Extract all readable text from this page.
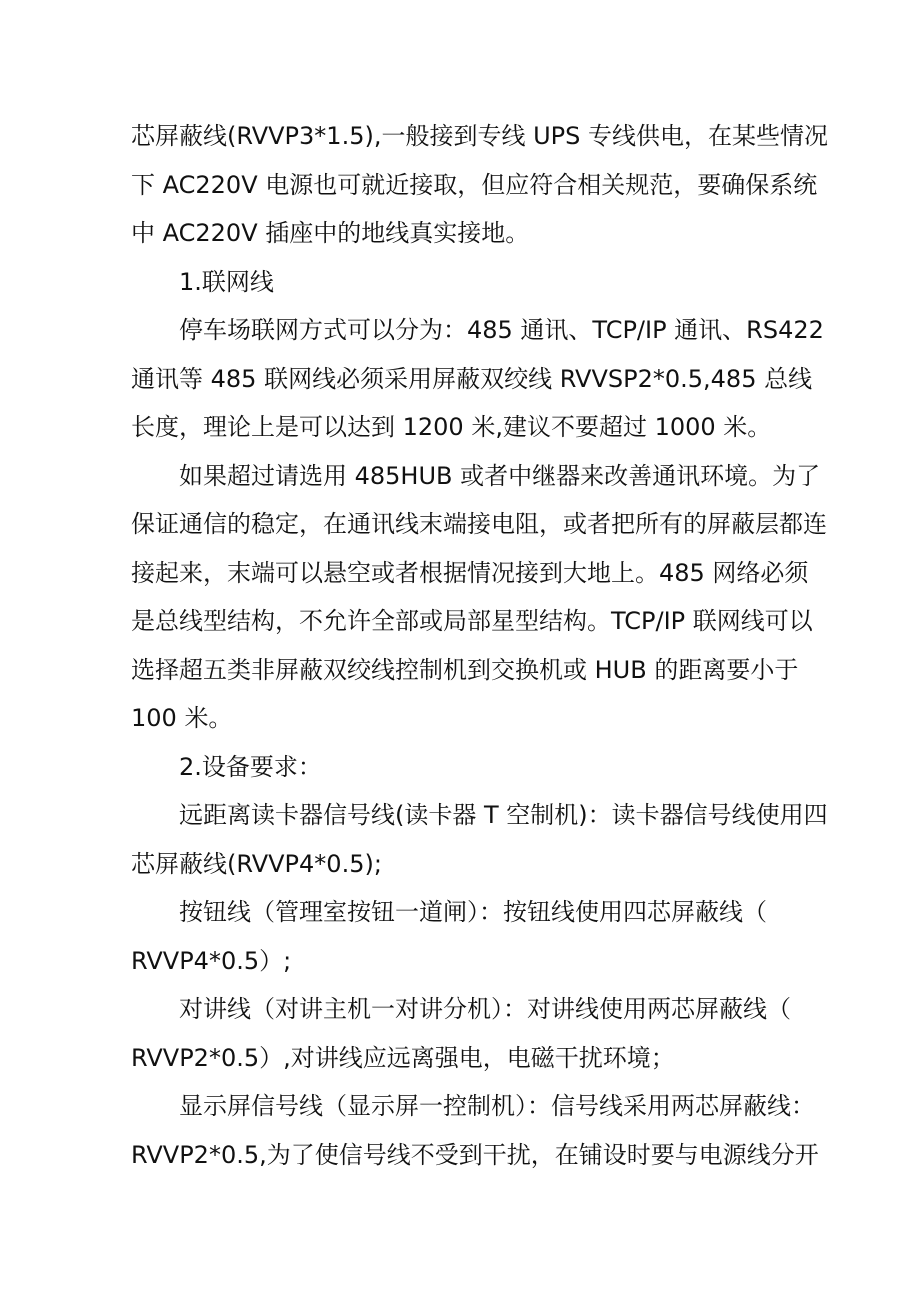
芯屏蔽线(RVVP3*1.5),一般接到专线 UPS 专线供电，在某些情况
下 AC220V 电源也可就近接取，但应符合相关规范，要确保系统
中 AC220V 插座中的地线真实接地。
1.联网线
停车场联网方式可以分为：485 通讯、TCP/IP 通讯、RS422
通讯等 485 联网线必须采用屏蔽双绞线 RVVSP2*0.5,485 总线
长度，理论上是可以达到 1200 米,建议不要超过 1000 米。
如果超过请选用 485HUB 或者中继器来改善通讯环境。为了
保证通信的稳定，在通讯线末端接电阻，或者把所有的屏蔽层都连
接起来，末端可以悬空或者根据情况接到大地上。485 网络必须
是总线型结构，不允许全部或局部星型结构。TCP/IP 联网线可以
选择超五类非屏蔽双绞线控制机到交换机或 HUB 的距离要小于
100 米。
2.设备要求：
远距离读卡器信号线(读卡器 T 空制机)：读卡器信号线使用四
芯屏蔽线(RVVP4*0.5);
按钮线（管理室按钮一道闸）：按钮线使用四芯屏蔽线（
RVVP4*0.5）;
对讲线（对讲主机一对讲分机）：对讲线使用两芯屏蔽线（
RVVP2*0.5）,对讲线应远离强电，电磁干扰环境；
显示屏信号线（显示屏一控制机）：信号线采用两芯屏蔽线：
RVVP2*0.5,为了使信号线不受到干扰，在铺设时要与电源线分开
